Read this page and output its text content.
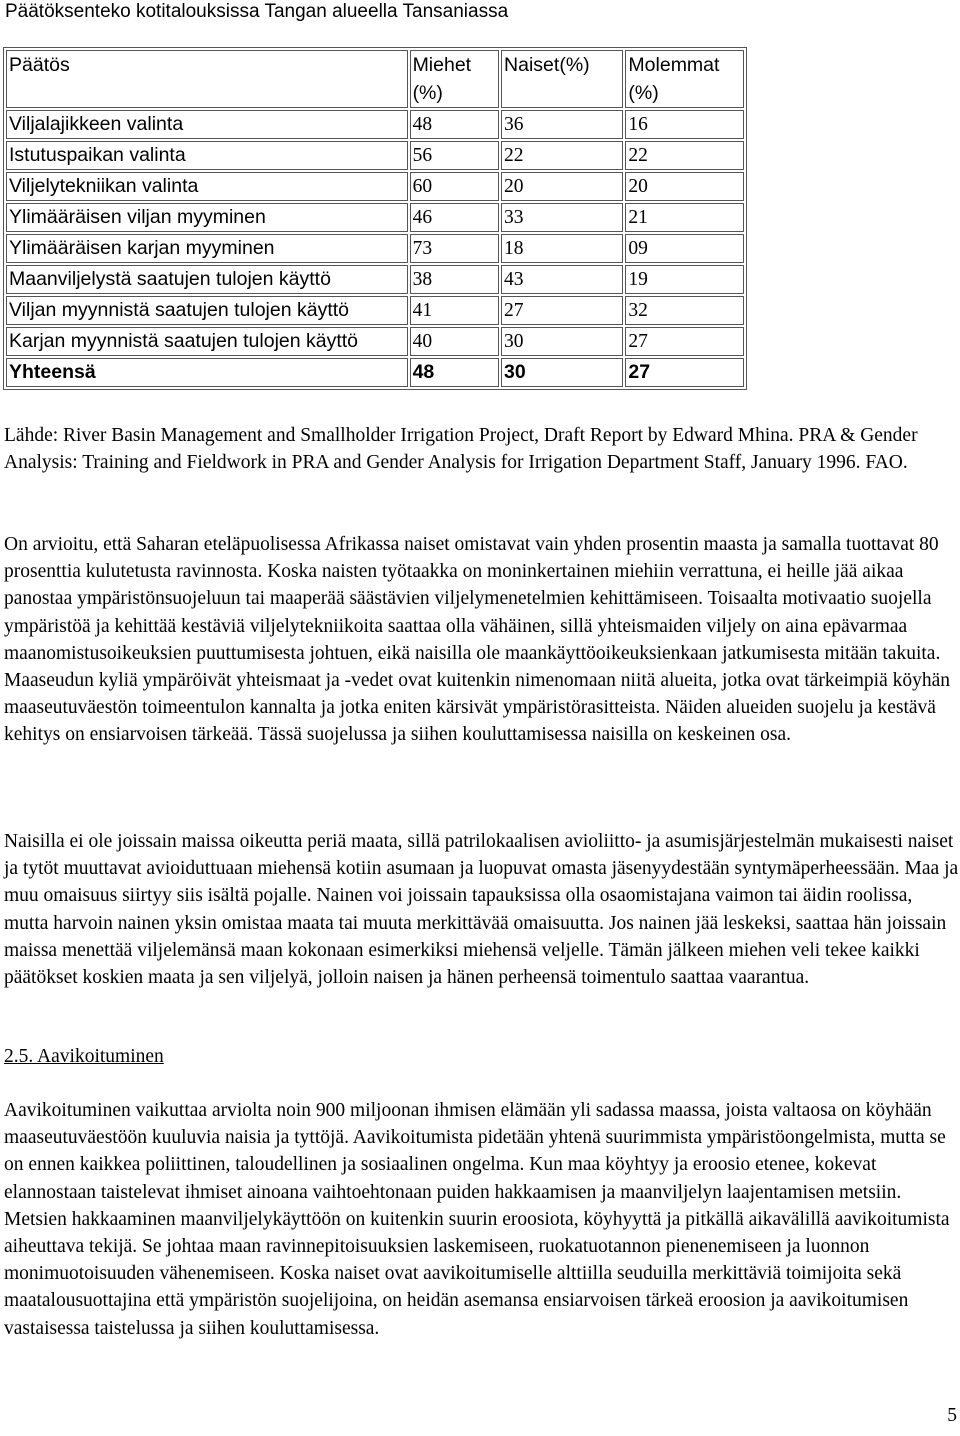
Päätöksenteko kotitalouksissa Tangan alueella Tansaniassa
Päätös	Miehet (%)	Naiset(%)	Molemmat (%)
Viljalajikkeen valinta	48	36	16
Istutuspaikan valinta	56	22	22
Viljelytekniikan valinta	60	20	20
Ylimääräisen viljan myyminen	46	33	21
Ylimääräisen karjan myyminen	73	18	09
Maanviljelystä saatujen tulojen käyttö	38	43	19
Viljan myynnistä saatujen tulojen käyttö	41	27	32
Karjan myynnistä saatujen tulojen käyttö	40	30	27
Yhteensä	48	30	27

Lähde: River Basin Management and Smallholder Irrigation Project, Draft Report by Edward Mhina. PRA & Gender Analysis: Training and Fieldwork in PRA and Gender Analysis for Irrigation Department Staff, January 1996. FAO.

On arvioitu, että Saharan eteläpuolisessa Afrikassa naiset omistavat vain yhden prosentin maasta ja samalla tuottavat 80 prosenttia kulutetusta ravinnosta. Koska naisten työtaakka on moninkertainen miehiin verrattuna, ei heille jää aikaa panostaa ympäristönsuojeluun tai maaperää säästävien viljelymenetelmien kehittämiseen. Toisaalta motivaatio suojella ympäristöä ja kehittää kestäviä viljelytekniikoita saattaa olla vähäinen, sillä yhteismaiden viljely on aina epävarmaa maanomistusoikeuksien puuttumisesta johtuen, eikä naisilla ole maankäyttöoikeuksienkaan jatkumisesta mitään takuita. Maaseudun kyliä ympäröivät yhteismaat ja -vedet ovat kuitenkin nimenomaan niitä alueita, jotka ovat tärkeimpiä köyhän maaseutuväestön toimeentulon kannalta ja jotka eniten kärsivät ympäristörasitteista. Näiden alueiden suojelu ja kestävä kehitys on ensiarvoisen tärkeää. Tässä suojelussa ja siihen kouluttamisessa naisilla on keskeinen osa.

Naisilla ei ole joissain maissa oikeutta periä maata, sillä patrilokaalisen avioliitto- ja asumisjärjestelmän mukaisesti naiset ja tytöt muuttavat avioiduttuaan miehensä kotiin asumaan ja luopuvat omasta jäsenyydestään syntymäperheessään. Maa ja muu omaisuus siirtyy siis isältä pojalle. Nainen voi joissain tapauksissa olla osaomistajana vaimon tai äidin roolissa, mutta harvoin nainen yksin omistaa maata tai muuta merkittävää omaisuutta. Jos nainen jää leskeksi, saattaa hän joissain maissa menettää viljelemänsä maan kokonaan esimerkiksi miehensä veljelle. Tämän jälkeen miehen veli tekee kaikki päätökset koskien maata ja sen viljelyä, jolloin naisen ja hänen perheensä toimentulo saattaa vaarantua.

2.5. Aavikoituminen

Aavikoituminen vaikuttaa arviolta noin 900 miljoonan ihmisen elämään yli sadassa maassa, joista valtaosa on köyhään maaseutuväestöön kuuluvia naisia ja tyttöjä. Aavikoitumista pidetään yhtenä suurimmista ympäristöongelmista, mutta se on ennen kaikkea poliittinen, taloudellinen ja sosiaalinen ongelma. Kun maa köyhtyy ja eroosio etenee, kokevat elannostaan taistelevat ihmiset ainoana vaihtoehtonaan puiden hakkaamisen ja maanviljelyn laajentamisen metsiin. Metsien hakkaaminen maanviljelykäyttöön on kuitenkin suurin eroosiota, köyhyyttä ja pitkällä aikavälillä aavikoitumista aiheuttava tekijä. Se johtaa maan ravinnepitoisuuksien laskemiseen, ruokatuotannon pienenemiseen ja luonnon monimuotoisuuden vähenemiseen. Koska naiset ovat aavikoitumiselle alttiilla seuduilla merkittäviä toimijoita sekä maatalousuottajina että ympäristön suojelijoina, on heidän asemansa ensiarvoisen tärkeä eroosion ja aavikoitumisen vastaisessa taistelussa ja siihen kouluttamisessa.

5
